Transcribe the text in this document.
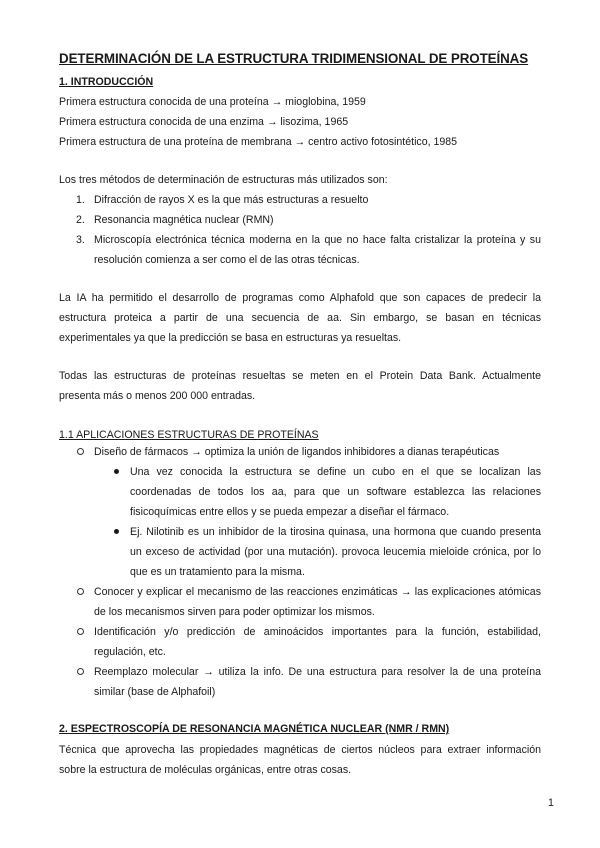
DETERMINACIÓN DE LA ESTRUCTURA TRIDIMENSIONAL DE PROTEÍNAS
1. INTRODUCCIÓN
Primera estructura conocida de una proteína → mioglobina, 1959
Primera estructura conocida de una enzima → lisozima, 1965
Primera estructura de una proteína de membrana → centro activo fotosintético, 1985
Los tres métodos de determinación de estructuras más utilizados son:
1. Difracción de rayos X es la que más estructuras a resuelto
2. Resonancia magnética nuclear (RMN)
3. Microscopía electrónica técnica moderna en la que no hace falta cristalizar la proteína y su
resolución comienza a ser como el de las otras técnicas.
La IA ha permitido el desarrollo de programas como Alphafold que son capaces de predecir la
estructura proteica a partir de una secuencia de aa. Sin embargo, se basan en técnicas
experimentales ya que la predicción se basa en estructuras ya resueltas.
Todas las estructuras de proteínas resueltas se meten en el Protein Data Bank. Actualmente
presenta más o menos 200 000 entradas.
1.1 APLICACIONES ESTRUCTURAS DE PROTEÍNAS
Diseño de fármacos → optimiza la unión de ligandos inhibidores a dianas terapéuticas
Una vez conocida la estructura se define un cubo en el que se localizan las
coordenadas de todos los aa, para que un software establezca las relaciones
fisicoquímicas entre ellos y se pueda empezar a diseñar el fármaco.
Ej. Nilotinib es un inhibidor de la tirosina quinasa, una hormona que cuando presenta
un exceso de actividad (por una mutación). provoca leucemia mieloide crónica, por lo
que es un tratamiento para la misma.
Conocer y explicar el mecanismo de las reacciones enzimáticas → las explicaciones atómicas
de los mecanismos sirven para poder optimizar los mismos.
Identificación y/o predicción de aminoácidos importantes para la función, estabilidad,
regulación, etc.
Reemplazo molecular → utiliza la info. De una estructura para resolver la de una proteína
similar (base de Alphafoil)
2. ESPECTROSCOPÍA DE RESONANCIA MAGNÉTICA NUCLEAR (NMR / RMN)
Técnica que aprovecha las propiedades magnéticas de ciertos núcleos para extraer información
sobre la estructura de moléculas orgánicas, entre otras cosas.
1
